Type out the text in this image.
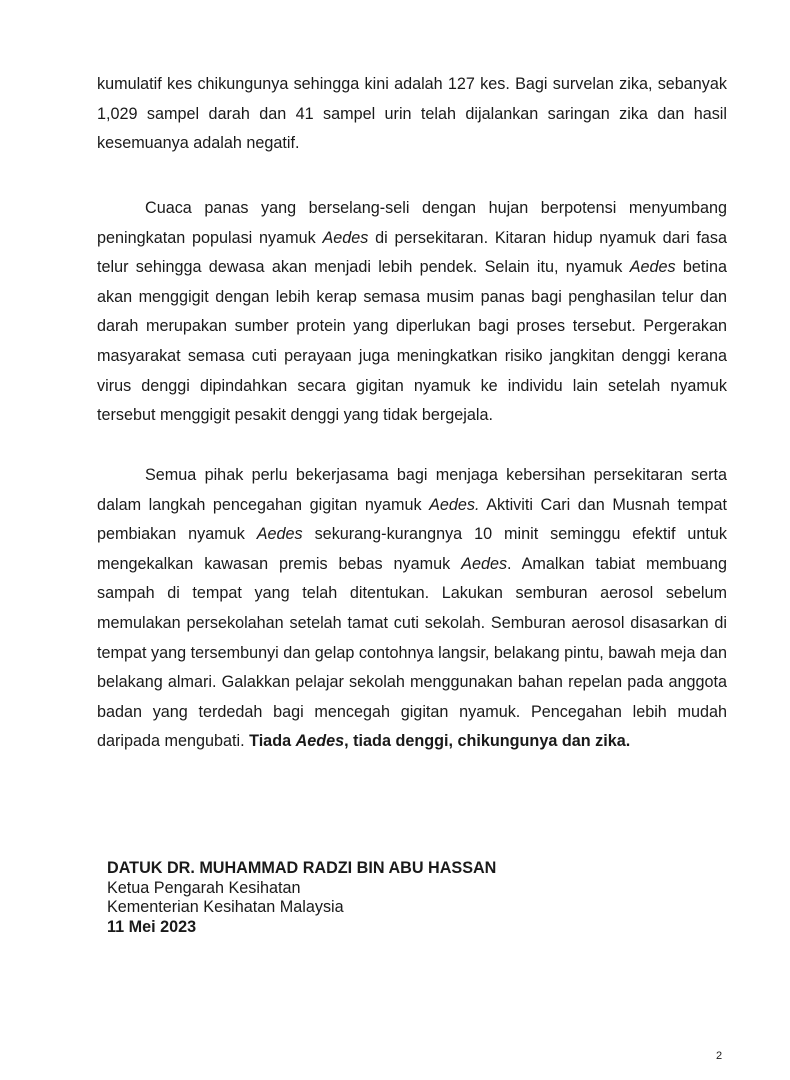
kumulatif kes chikungunya sehingga kini adalah 127 kes. Bagi survelan zika, sebanyak 1,029 sampel darah dan 41 sampel urin telah dijalankan saringan zika dan hasil kesemuanya adalah negatif.

Cuaca panas yang berselang-seli dengan hujan berpotensi menyumbang peningkatan populasi nyamuk Aedes di persekitaran. Kitaran hidup nyamuk dari fasa telur sehingga dewasa akan menjadi lebih pendek. Selain itu, nyamuk Aedes betina akan menggigit dengan lebih kerap semasa musim panas bagi penghasilan telur dan darah merupakan sumber protein yang diperlukan bagi proses tersebut. Pergerakan masyarakat semasa cuti perayaan juga meningkatkan risiko jangkitan denggi kerana virus denggi dipindahkan secara gigitan nyamuk ke individu lain setelah nyamuk tersebut menggigit pesakit denggi yang tidak bergejala.

Semua pihak perlu bekerjasama bagi menjaga kebersihan persekitaran serta dalam langkah pencegahan gigitan nyamuk Aedes. Aktiviti Cari dan Musnah tempat pembiakan nyamuk Aedes sekurang-kurangnya 10 minit seminggu efektif untuk mengekalkan kawasan premis bebas nyamuk Aedes. Amalkan tabiat membuang sampah di tempat yang telah ditentukan. Lakukan semburan aerosol sebelum memulakan persekolahan setelah tamat cuti sekolah. Semburan aerosol disasarkan di tempat yang tersembunyi dan gelap contohnya langsir, belakang pintu, bawah meja dan belakang almari. Galakkan pelajar sekolah menggunakan bahan repelan pada anggota badan yang terdedah bagi mencegah gigitan nyamuk. Pencegahan lebih mudah daripada mengubati. Tiada Aedes, tiada denggi, chikungunya dan zika.

DATUK DR. MUHAMMAD RADZI BIN ABU HASSAN
Ketua Pengarah Kesihatan
Kementerian Kesihatan Malaysia
11 Mei 2023
2
